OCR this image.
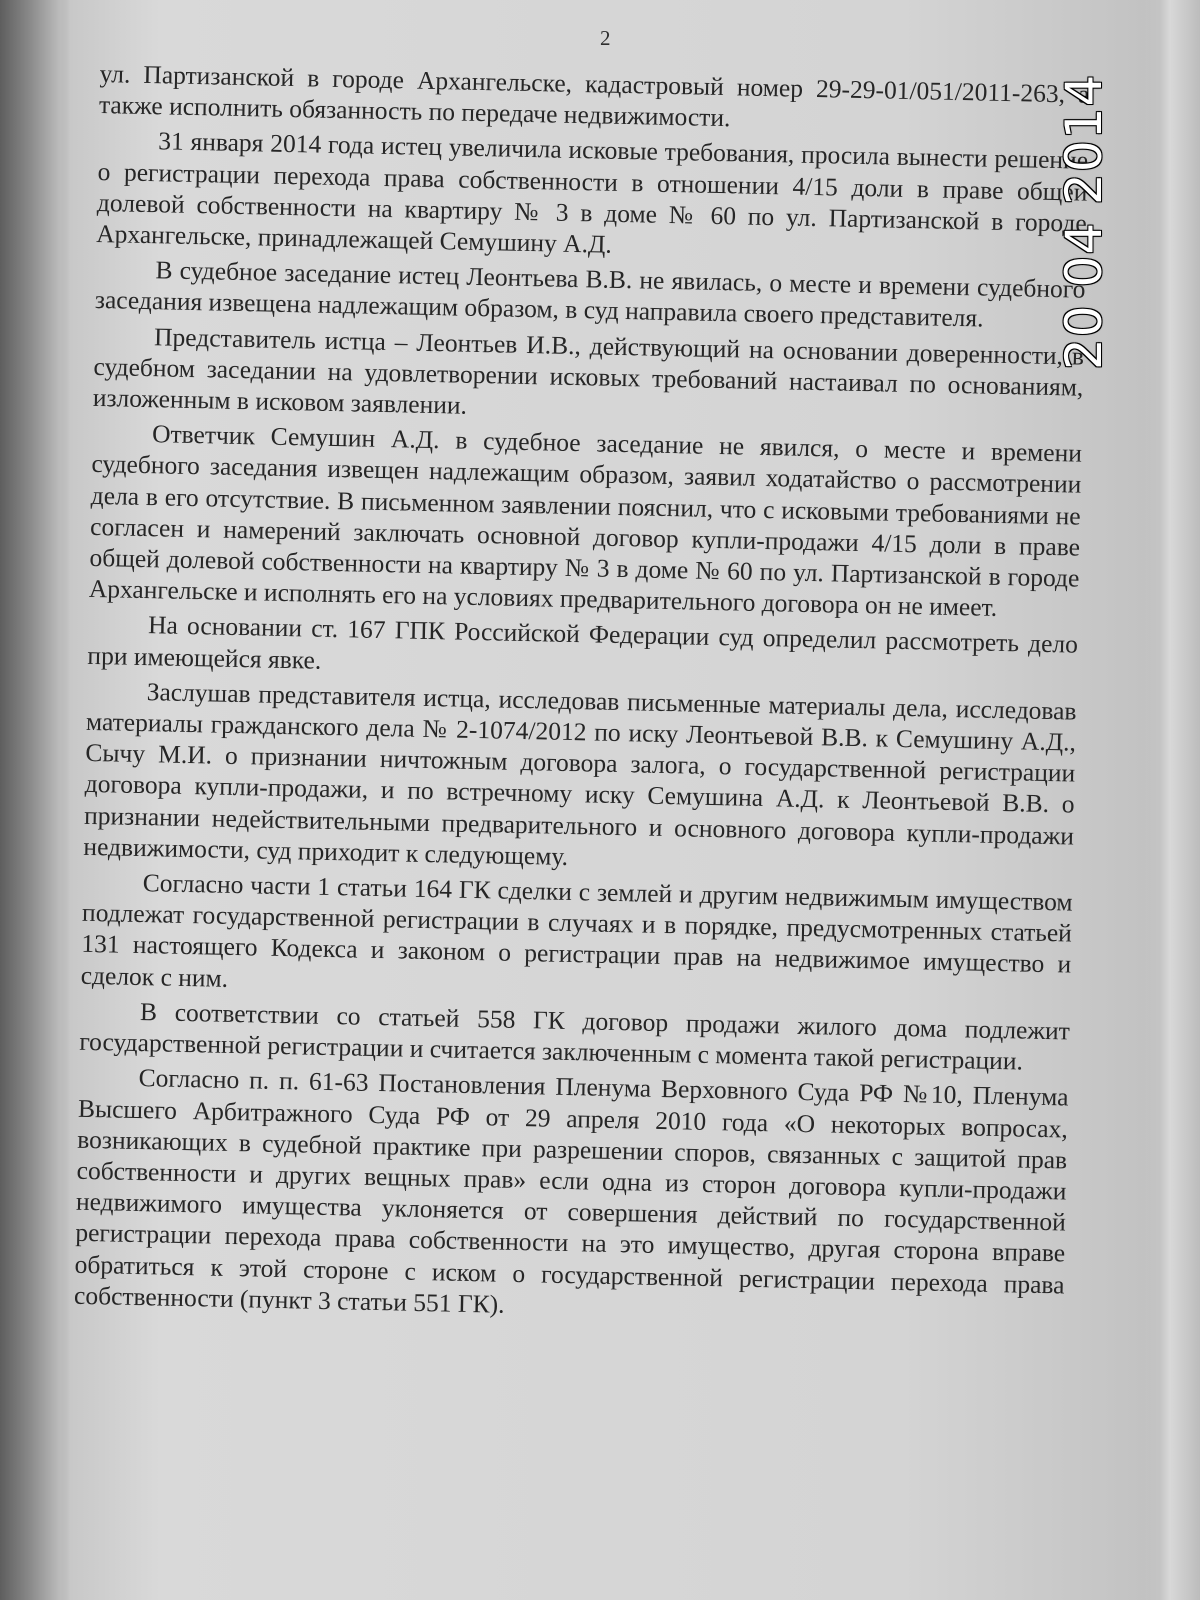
2

ул. Партизанской в городе Архангельске, кадастровый номер 29-29-01/051/2011-263, а также исполнить обязанность по передаче недвижимости.

31 января 2014 года истец увеличила исковые требования, просила вынести решение о регистрации перехода права собственности в отношении 4/15 доли в праве общей долевой собственности на квартиру № 3 в доме № 60 по ул. Партизанской в городе Архангельске, принадлежащей Семушину А.Д.

В судебное заседание истец Леонтьева В.В. не явилась, о месте и времени судебного заседания извещена надлежащим образом, в суд направила своего представителя.

Представитель истца – Леонтьев И.В., действующий на основании доверенности, в судебном заседании на удовлетворении исковых требований настаивал по основаниям, изложенным в исковом заявлении.

Ответчик Семушин А.Д. в судебное заседание не явился, о месте и времени судебного заседания извещен надлежащим образом, заявил ходатайство о рассмотрении дела в его отсутствие. В письменном заявлении пояснил, что с исковыми требованиями не согласен и намерений заключать основной договор купли-продажи 4/15 доли в праве общей долевой собственности на квартиру № 3 в доме № 60 по ул. Партизанской в городе Архангельске и исполнять его на условиях предварительного договора он не имеет.

На основании ст. 167 ГПК Российской Федерации суд определил рассмотреть дело при имеющейся явке.

Заслушав представителя истца, исследовав письменные материалы дела, исследовав материалы гражданского дела № 2-1074/2012 по иску Леонтьевой В.В. к Семушину А.Д., Сычу М.И. о признании ничтожным договора залога, о государственной регистрации договора купли-продажи, и по встречному иску Семушина А.Д. к Леонтьевой В.В. о признании недействительными предварительного и основного договора купли-продажи недвижимости, суд приходит к следующему.

Согласно части 1 статьи 164 ГК сделки с землей и другим недвижимым имуществом подлежат государственной регистрации в случаях и в порядке, предусмотренных статьей 131 настоящего Кодекса и законом о регистрации прав на недвижимое имущество и сделок с ним.

В соответствии со статьей 558 ГК договор продажи жилого дома подлежит государственной регистрации и считается заключенным с момента такой регистрации.

Согласно п. п. 61-63 Постановления Пленума Верховного Суда РФ №10, Пленума Высшего Арбитражного Суда РФ от 29 апреля 2010 года «О некоторых вопросах, возникающих в судебной практике при разрешении споров, связанных с защитой прав собственности и других вещных прав» если одна из сторон договора купли-продажи недвижимого имущества уклоняется от совершения действий по государственной регистрации перехода права собственности на это имущество, другая сторона вправе обратиться к этой стороне с иском о государственной регистрации перехода права собственности (пункт 3 статьи 551 ГК).

20 04 2014
